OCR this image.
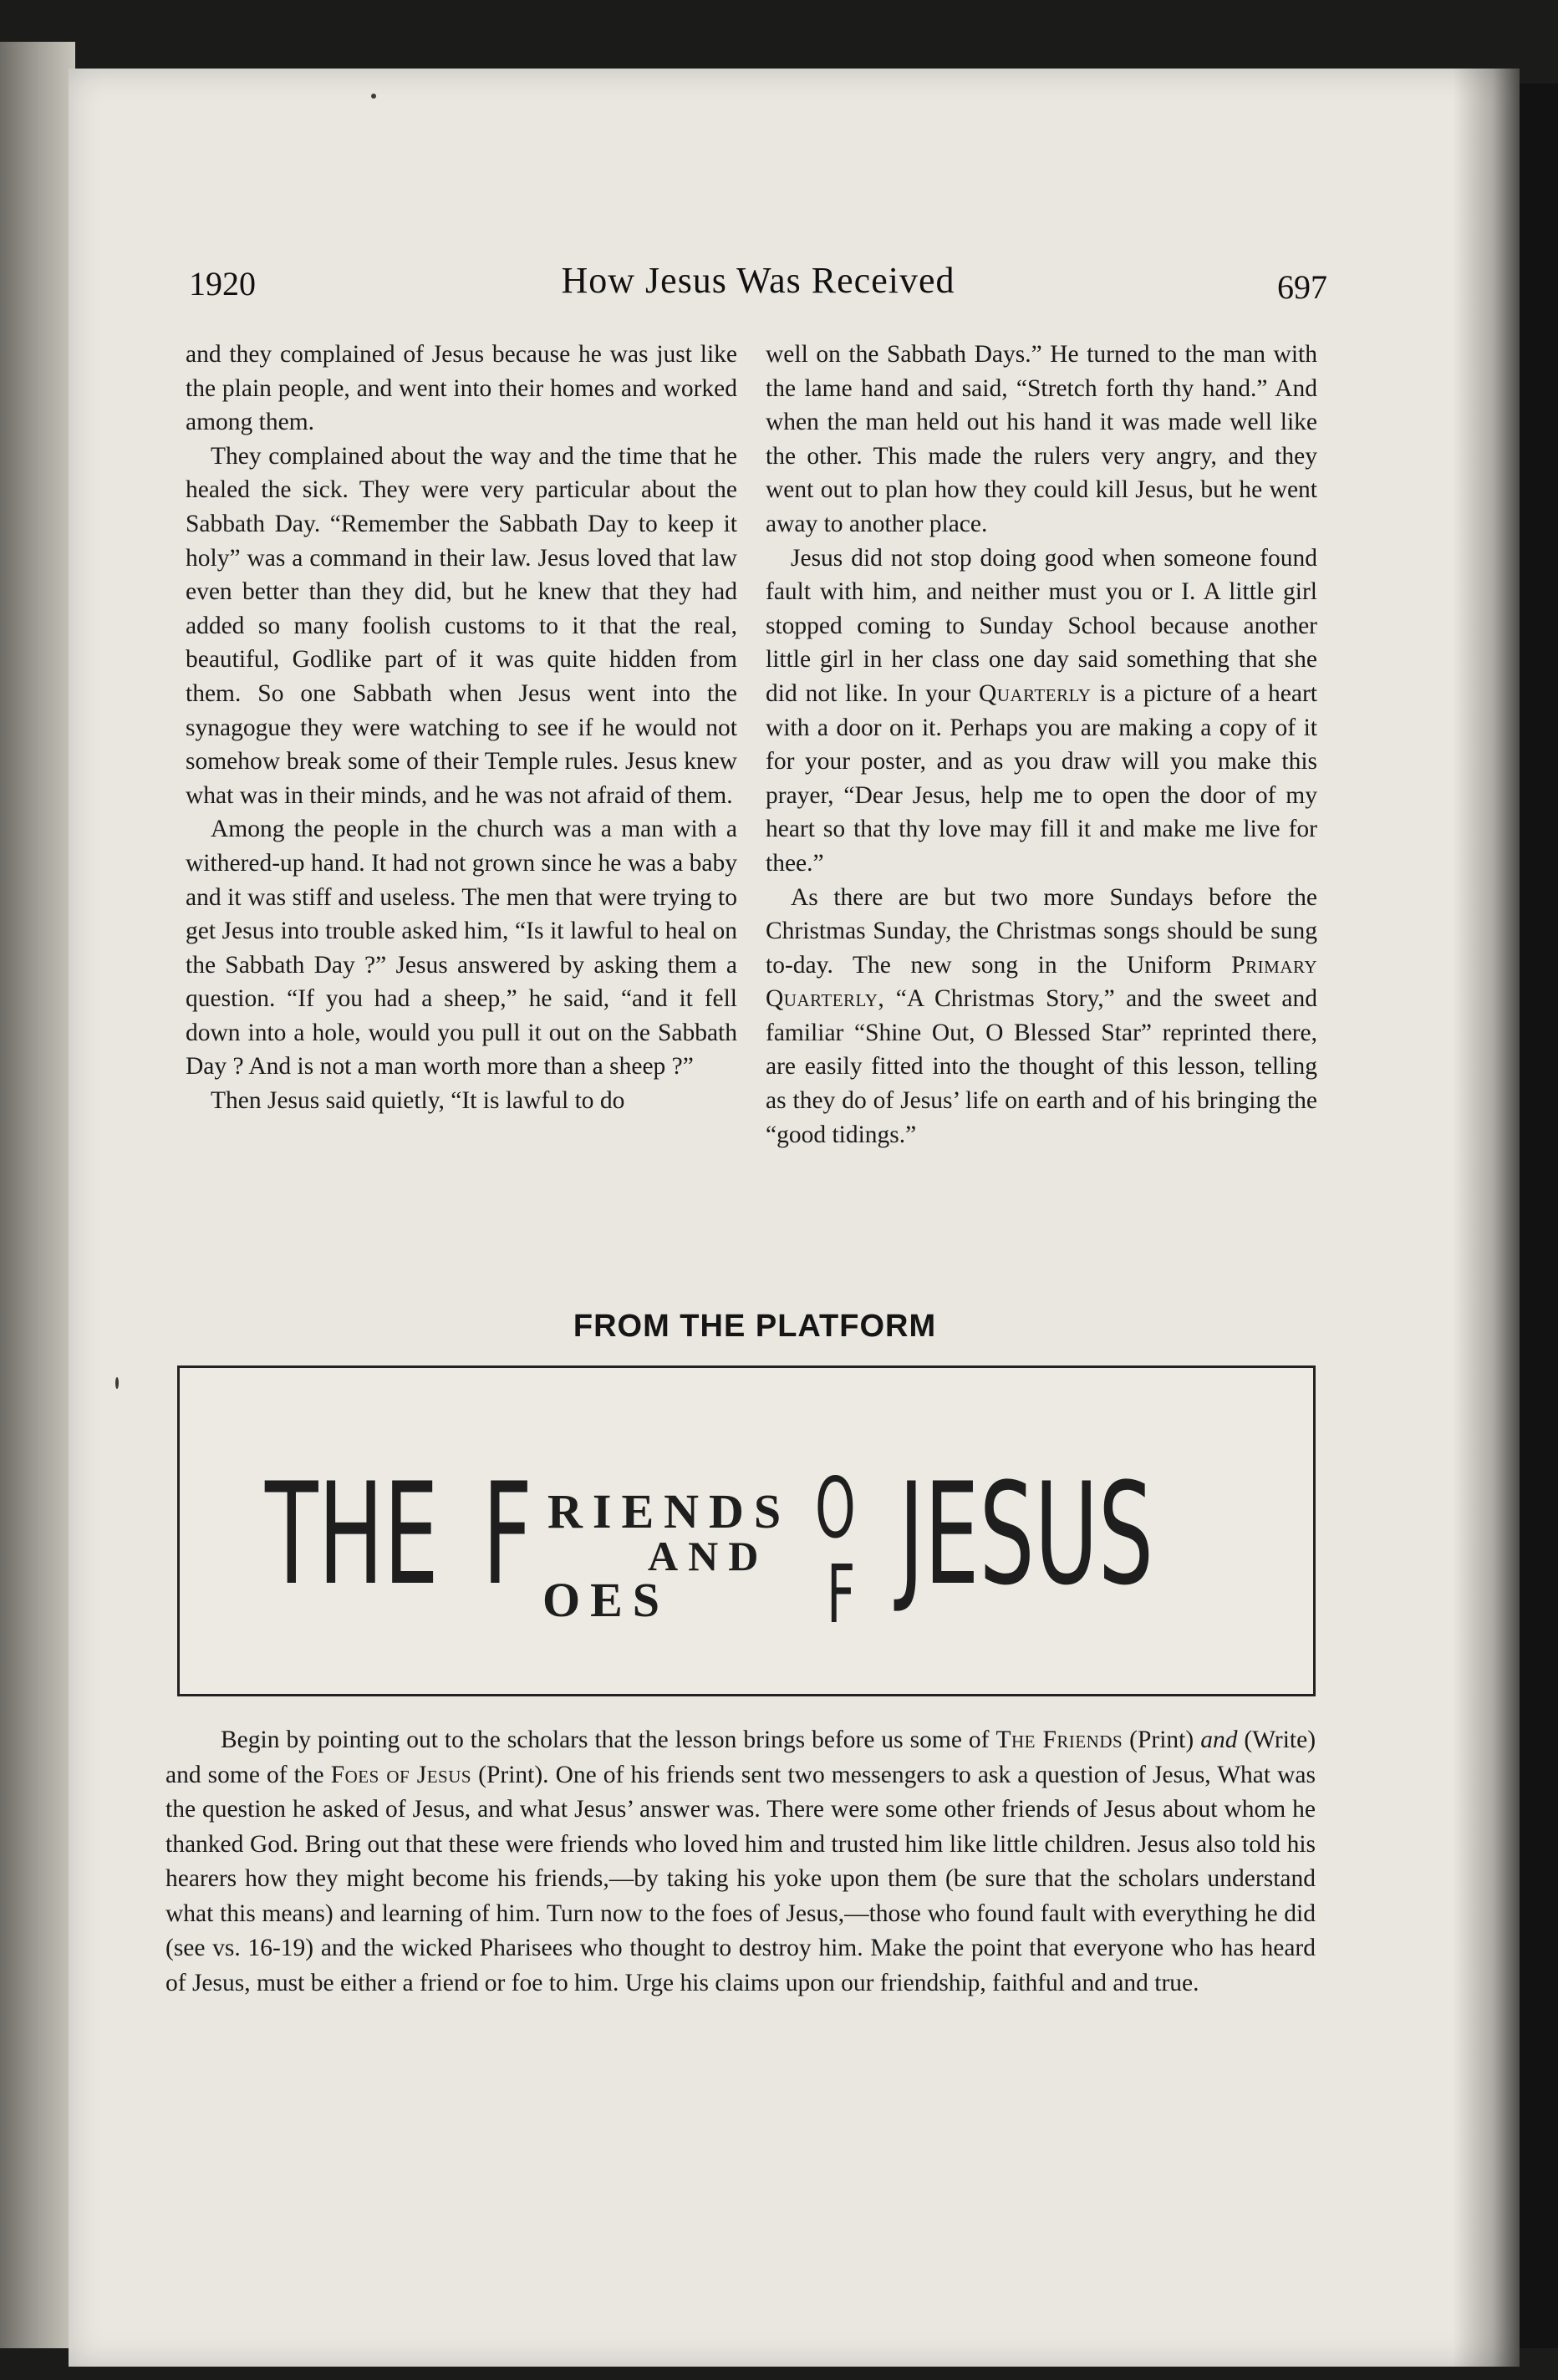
1920	How Jesus Was Received	697

and they complained of Jesus because he was just like the plain people, and went into their homes and worked among them.

They complained about the way and the time that he healed the sick. They were very particular about the Sabbath Day. “Remember the Sabbath Day to keep it holy” was a command in their law. Jesus loved that law even better than they did, but he knew that they had added so many foolish customs to it that the real, beautiful, Godlike part of it was quite hidden from them. So one Sabbath when Jesus went into the synagogue they were watching to see if he would not somehow break some of their Temple rules. Jesus knew what was in their minds, and he was not afraid of them.

Among the people in the church was a man with a withered-up hand. It had not grown since he was a baby and it was stiff and useless. The men that were trying to get Jesus into trouble asked him, “Is it lawful to heal on the Sabbath Day ?” Jesus answered by asking them a question. “If you had a sheep,” he said, “and it fell down into a hole, would you pull it out on the Sabbath Day ? And is not a man worth more than a sheep ?”

Then Jesus said quietly, “It is lawful to do

well on the Sabbath Days.” He turned to the man with the lame hand and said, “Stretch forth thy hand.” And when the man held out his hand it was made well like the other. This made the rulers very angry, and they went out to plan how they could kill Jesus, but he went away to another place.

Jesus did not stop doing good when someone found fault with him, and neither must you or I. A little girl stopped coming to Sunday School because another little girl in her class one day said something that she did not like. In your Quarterly is a picture of a heart with a door on it. Perhaps you are making a copy of it for your poster, and as you draw will you make this prayer, “Dear Jesus, help me to open the door of my heart so that thy love may fill it and make me live for thee.”

As there are but two more Sundays before the Christmas Sunday, the Christmas songs should be sung to-day. The new song in the Uniform Primary Quarterly, “A Christmas Story,” and the sweet and familiar “Shine Out, O Blessed Star” reprinted there, are easily fitted into the thought of this lesson, telling as they do of Jesus’ life on earth and of his bringing the “good tidings.”

FROM THE PLATFORM
THE F RIENDS
AND
OES
O
F JESUS

Begin by pointing out to the scholars that the lesson brings before us some of The Friends (Print) and (Write) and some of the Foes of Jesus (Print). One of his friends sent two messengers to ask a question of Jesus, What was the question he asked of Jesus, and what Jesus’ answer was. There were some other friends of Jesus about whom he thanked God. Bring out that these were friends who loved him and trusted him like little children. Jesus also told his hearers how they might become his friends,—by taking his yoke upon them (be sure that the scholars understand what this means) and learning of him. Turn now to the foes of Jesus,—those who found fault with everything he did (see vs. 16-19) and the wicked Pharisees who thought to destroy him. Make the point that everyone who has heard of Jesus, must be either a friend or foe to him. Urge his claims upon our friendship, faithful and and true.
